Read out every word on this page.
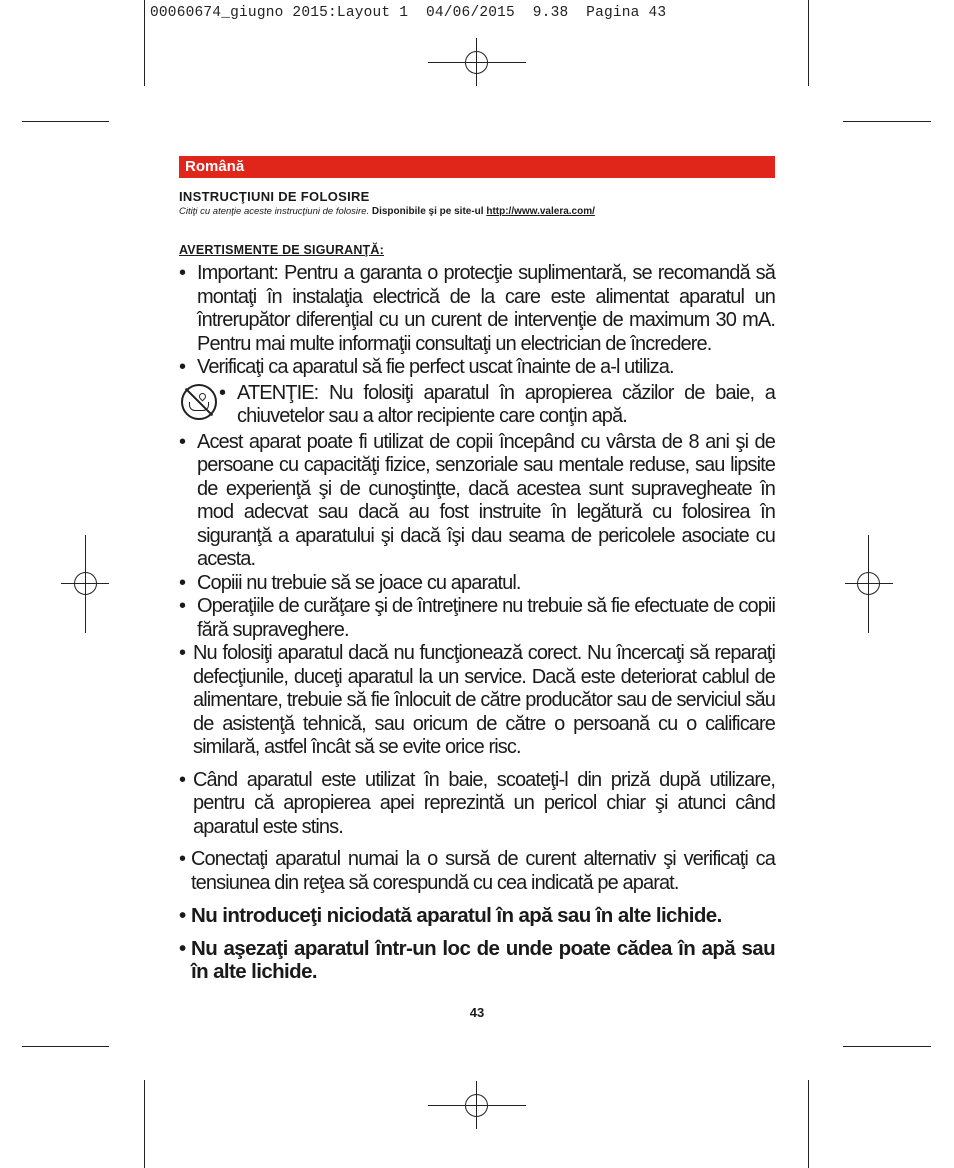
00060674_giugno 2015:Layout 1  04/06/2015  9.38  Pagina 43
Română
INSTRUCŢIUNI DE FOLOSIRE
Citiţi cu atenţie aceste instrucţiuni de folosire. Disponibile şi pe site-ul http://www.valera.com/
AVERTISMENTE DE SIGURANŢĂ:
• Important: Pentru a garanta o protecţie suplimentară, se recomandă să montaţi în instalaţia electrică de la care este alimentat aparatul un întrerupător diferenţial cu un curent de intervenţie de maximum 30 mA. Pentru mai multe informaţii consultaţi un electrician de încredere.
• Verificaţi ca aparatul să fie perfect uscat înainte de a-l utiliza.
• ATENŢIE: Nu folosiţi aparatul în apropierea căzilor de baie, a chiuvetelor sau a altor recipiente care conţin apă.
• Acest aparat poate fi utilizat de copii începând cu vârsta de 8 ani şi de persoane cu capacităţi fizice, senzoriale sau mentale reduse, sau lipsite de experienţă şi de cunoştinţte, dacă acestea sunt supravegheate în mod adecvat sau dacă au fost instruite în legătură cu folosirea în siguranţă a aparatului şi dacă îşi dau seama de pericolele asociate cu acesta.
• Copiii nu trebuie să se joace cu aparatul.
• Operaţiile de curăţare şi de întreţinere nu trebuie să fie efectuate de copii fără supraveghere.
• Nu folosiţi aparatul dacă nu funcţionează corect. Nu încercaţi să reparaţi defecţiunile, duceţi aparatul la un service. Dacă este deteriorat cablul de alimentare, trebuie să fie înlocuit de către producător sau de serviciul său de asistenţă tehnică, sau oricum de către o persoană cu o calificare similară, astfel încât să se evite orice risc.
• Când aparatul este utilizat în baie, scoateţi-l din priză după utilizare, pentru că apropierea apei reprezintă un pericol chiar şi atunci când aparatul este stins.
• Conectaţi aparatul numai la o sursă de curent alternativ şi verificaţi ca tensiunea din reţea să corespundă cu cea indicată pe aparat.
• Nu introduceţi niciodată aparatul în apă sau în alte lichide.
• Nu aşezaţi aparatul într-un loc de unde poate cădea în apă sau în alte lichide.
43
